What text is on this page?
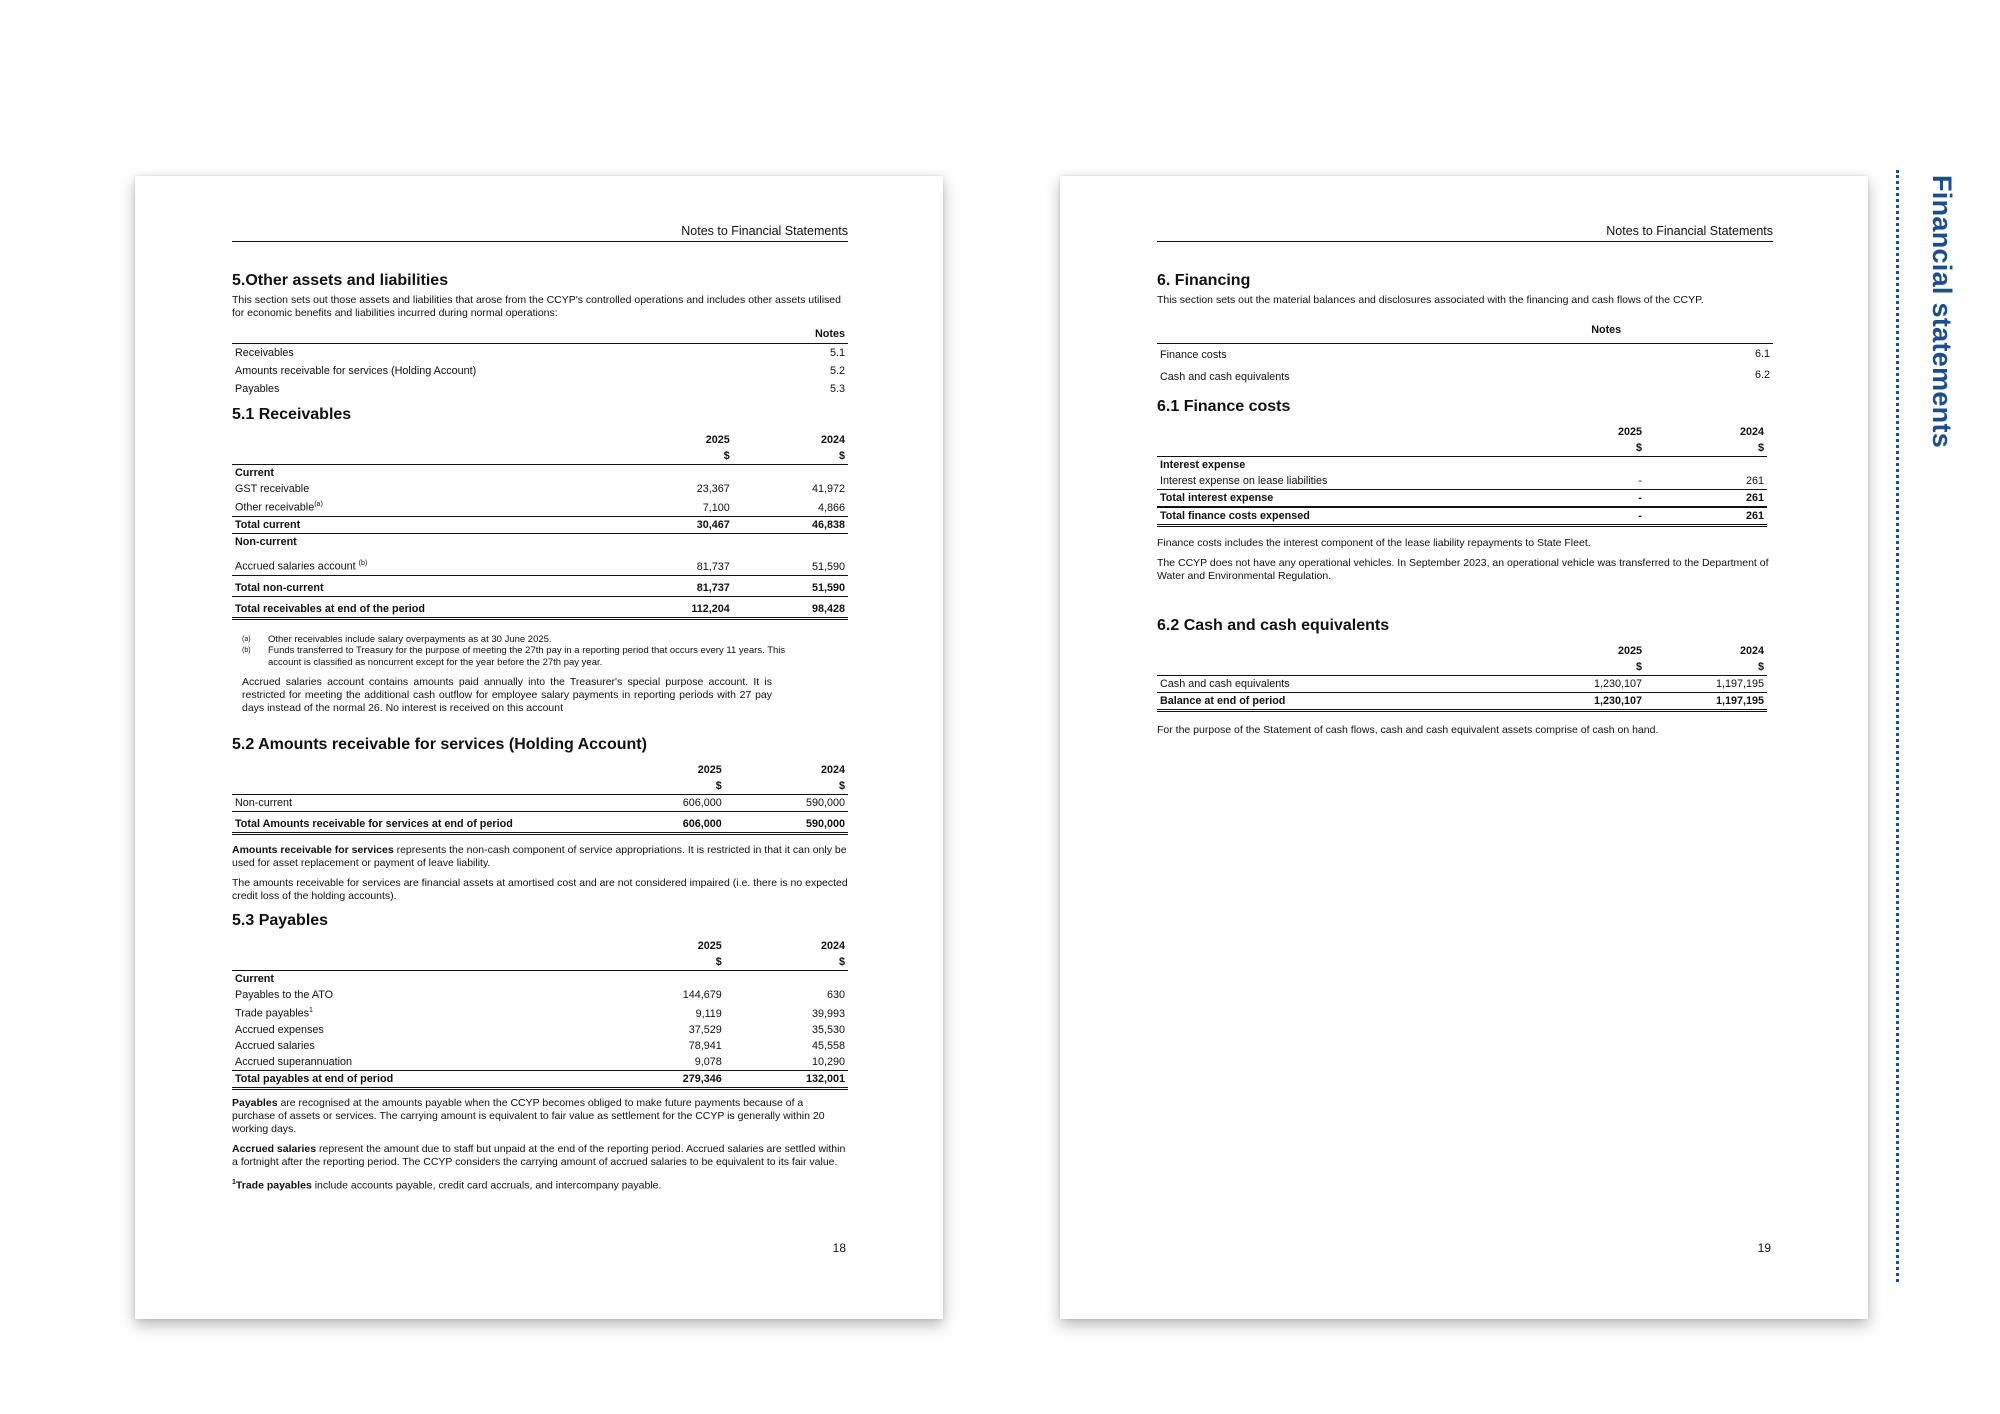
Notes to Financial Statements
5.Other assets and liabilities

This section sets out those assets and liabilities that arose from the CCYP's controlled operations and includes other assets utilised for economic benefits and liabilities incurred during normal operations:

	Notes
Receivables	5.1
Amounts receivable for services (Holding Account)	5.2
Payables	5.3
5.1 Receivables
	2025	2024
	$	$
Current		
GST receivable	23,367	41,972
Other receivable$^{(a)}$	7,100	4,866
Total current	30,467	46,838
Non-current		
Accrued salaries account $^{(b)}$	81,737	51,590
Total non-current	81,737	51,590
Total receivables at end of the period	112,204	98,428

(a)	Other receivables include salary overpayments as at 30 June 2025.

(b)	Funds transferred to Treasury for the purpose of meeting the 27th pay in a reporting period that occurs every 11 years. This account is classified as noncurrent except for the year before the 27th pay year.

Accrued salaries account contains amounts paid annually into the Treasurer's special purpose account. It is restricted for meeting the additional cash outflow for employee salary payments in reporting periods with 27 pay days instead of the normal 26. No interest is received on this account

5.2 Amounts receivable for services (Holding Account)
	2025	2024
	$	$
Non-current	606,000	590,000
Total Amounts receivable for services at end of period	606,000	590,000

Amounts receivable for services represents the non-cash component of service appropriations. It is restricted in that it can only be used for asset replacement or payment of leave liability.

The amounts receivable for services are financial assets at amortised cost and are not considered impaired (i.e. there is no expected credit loss of the holding accounts).

5.3 Payables
	2025	2024
	$	$
Current		
Payables to the ATO	144,679	630
Trade payables$^1$	9,119	39,993
Accrued expenses	37,529	35,530
Accrued salaries	78,941	45,558
Accrued superannuation	9,078	10,290
Total payables at end of period	279,346	132,001

Payables are recognised at the amounts payable when the CCYP becomes obliged to make future payments because of a purchase of assets or services. The carrying amount is equivalent to fair value as settlement for the CCYP is generally within 20 working days.

Accrued salaries represent the amount due to staff but unpaid at the end of the reporting period. Accrued salaries are settled within a fortnight after the reporting period. The CCYP considers the carrying amount of accrued salaries to be equivalent to its fair value.

$^1$Trade payables include accounts payable, credit card accruals, and intercompany payable.

18
Notes to Financial Statements
6. Financing

This section sets out the material balances and disclosures associated with the financing and cash flows of the CCYP.

	Notes	
Finance costs		6.1
Cash and cash equivalents		6.2
6.1 Finance costs
	2025	2024
	$	$
Interest expense		
Interest expense on lease liabilities	-	261
Total interest expense	-	261
Total finance costs expensed	-	261

Finance costs includes the interest component of the lease liability repayments to State Fleet.

The CCYP does not have any operational vehicles. In September 2023, an operational vehicle was transferred to the Department of Water and Environmental Regulation.

6.2 Cash and cash equivalents
	2025	2024
	$	$
Cash and cash equivalents	1,230,107	1,197,195
Balance at end of period	1,230,107	1,197,195

For the purpose of the Statement of cash flows, cash and cash equivalent assets comprise of cash on hand.

19
Financial statements
